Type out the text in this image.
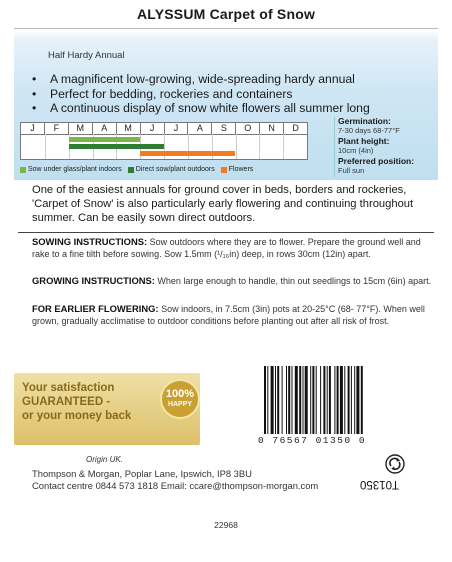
ALYSSUM Carpet of Snow
Half Hardy Annual
• A magnificent low-growing, wide-spreading hardy annual
• Perfect for bedding, rockeries and containers
• A continuous display of snow white flowers all summer long
J	F	M	A	M	J	J	A	S	O	N	D
Sow under glass/plant indoors Direct sow/plant outdoors Flowers
Germination:
7-30 days 68-77°F
Plant height:
10cm (4in)
Preferred position:
Full sun
One of the easiest annuals for ground cover in beds, borders and rockeries, 'Carpet of Snow' is also particularly early flowering and continuing throughout summer. Can be easily sown direct outdoors.
SOWING INSTRUCTIONS: Sow outdoors where they are to flower. Prepare the ground well and rake to a fine tilth before sowing. Sow 1.5mm (¹/₁₆in) deep, in rows 30cm (12in) apart.
GROWING INSTRUCTIONS: When large enough to handle, thin out seedlings to 15cm (6in) apart.
FOR EARLIER FLOWERING: Sow indoors, in 7.5cm (3in) pots at 20-25°C (68- 77°F). When well grown, gradually acclimatise to outdoor conditions before planting out after all risk of frost.
Your satisfaction
GUARANTEED -
or your money back
100%
HAPPY
0 76567 01350 0
Origin UK.
Thompson & Morgan, Poplar Lane, Ipswich, IP8 3BU
Contact centre 0844 573 1818 Email: ccare@thompson-morgan.com	T01350
22968
